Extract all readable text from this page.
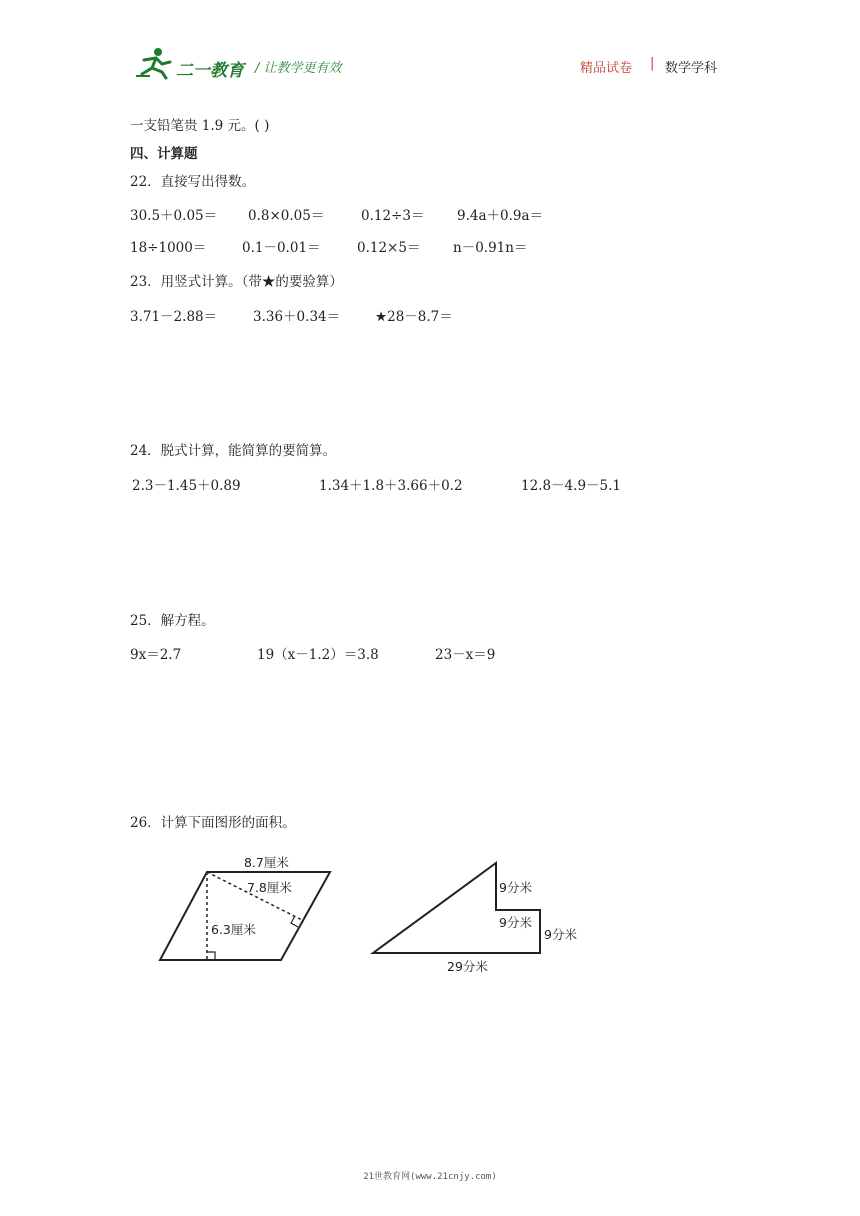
二一教育 / 让教学更有效	精品试卷 | 数学学科
一支铅笔贵 1.9 元。( )
四、计算题
22．直接写出得数。
30.5＋0.05＝ 0.8×0.05＝	0.12÷3＝ 9.4a＋0.9a＝
18÷1000＝	0.1－0.01＝	0.12×5＝ n－0.91n＝
23．用竖式计算。（带★的要验算）
3.71－2.88＝	3.36＋0.34＝	★28－8.7＝
24．脱式计算，能简算的要简算。
2.3－1.45＋0.89	1.34＋1.8＋3.66＋0.2	12.8－4.9－5.1
25．解方程。
9x＝2.7	19（x－1.2）＝3.8	23－x＝9
26．计算下面图形的面积。
8.7厘米
7.8厘米
6.3厘米
9分米
9分米
9分米
29分米
21世教育网(www.21cnjy.com)
